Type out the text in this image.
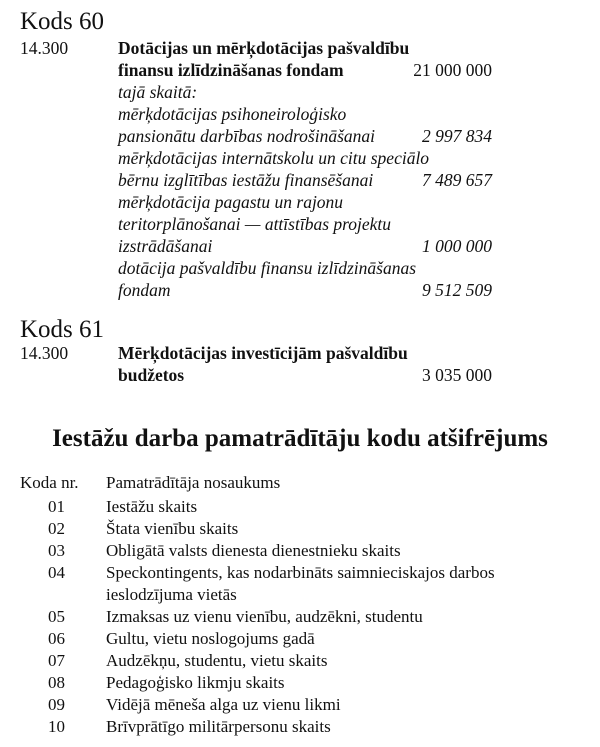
Kods 60
14.300	Dotācijas un mērķdotācijas pašvaldību
finansu izlīdzināšanas fondam	21 000 000
tajā skaitā:
mērķdotācijas psihoneiroloģisko
pansionātu darbības nodrošināšanai	2 997 834
mērķdotācijas internātskolu un citu speciālo
bērnu izglītības iestāžu finansēšanai	7 489 657
mērķdotācija pagastu un rajonu
teritorplānošanai — attīstības projektu
izstrādāšanai	1 000 000
dotācija pašvaldību finansu izlīdzināšanas
fondam	9 512 509
Kods 61
14.300	Mērķdotācijas investīcijām pašvaldību
budžetos	3 035 000
Iestāžu darba pamatrādītāju kodu atšifrējums
Koda nr. Pamatrādītāja nosaukums
01 Iestāžu skaits
02 Štata vienību skaits
03 Obligātā valsts dienesta dienestnieku skaits
04 Speckontingents, kas nodarbināts saimnieciskajos darbos
ieslodzījuma vietās
05 Izmaksas uz vienu vienību, audzēkni, studentu
06 Gultu, vietu noslogojums gadā
07 Audzēkņu, studentu, vietu skaits
08 Pedagoģisko likmju skaits
09 Vidējā mēneša alga uz vienu likmi
10 Brīvprātīgo militārpersonu skaits
